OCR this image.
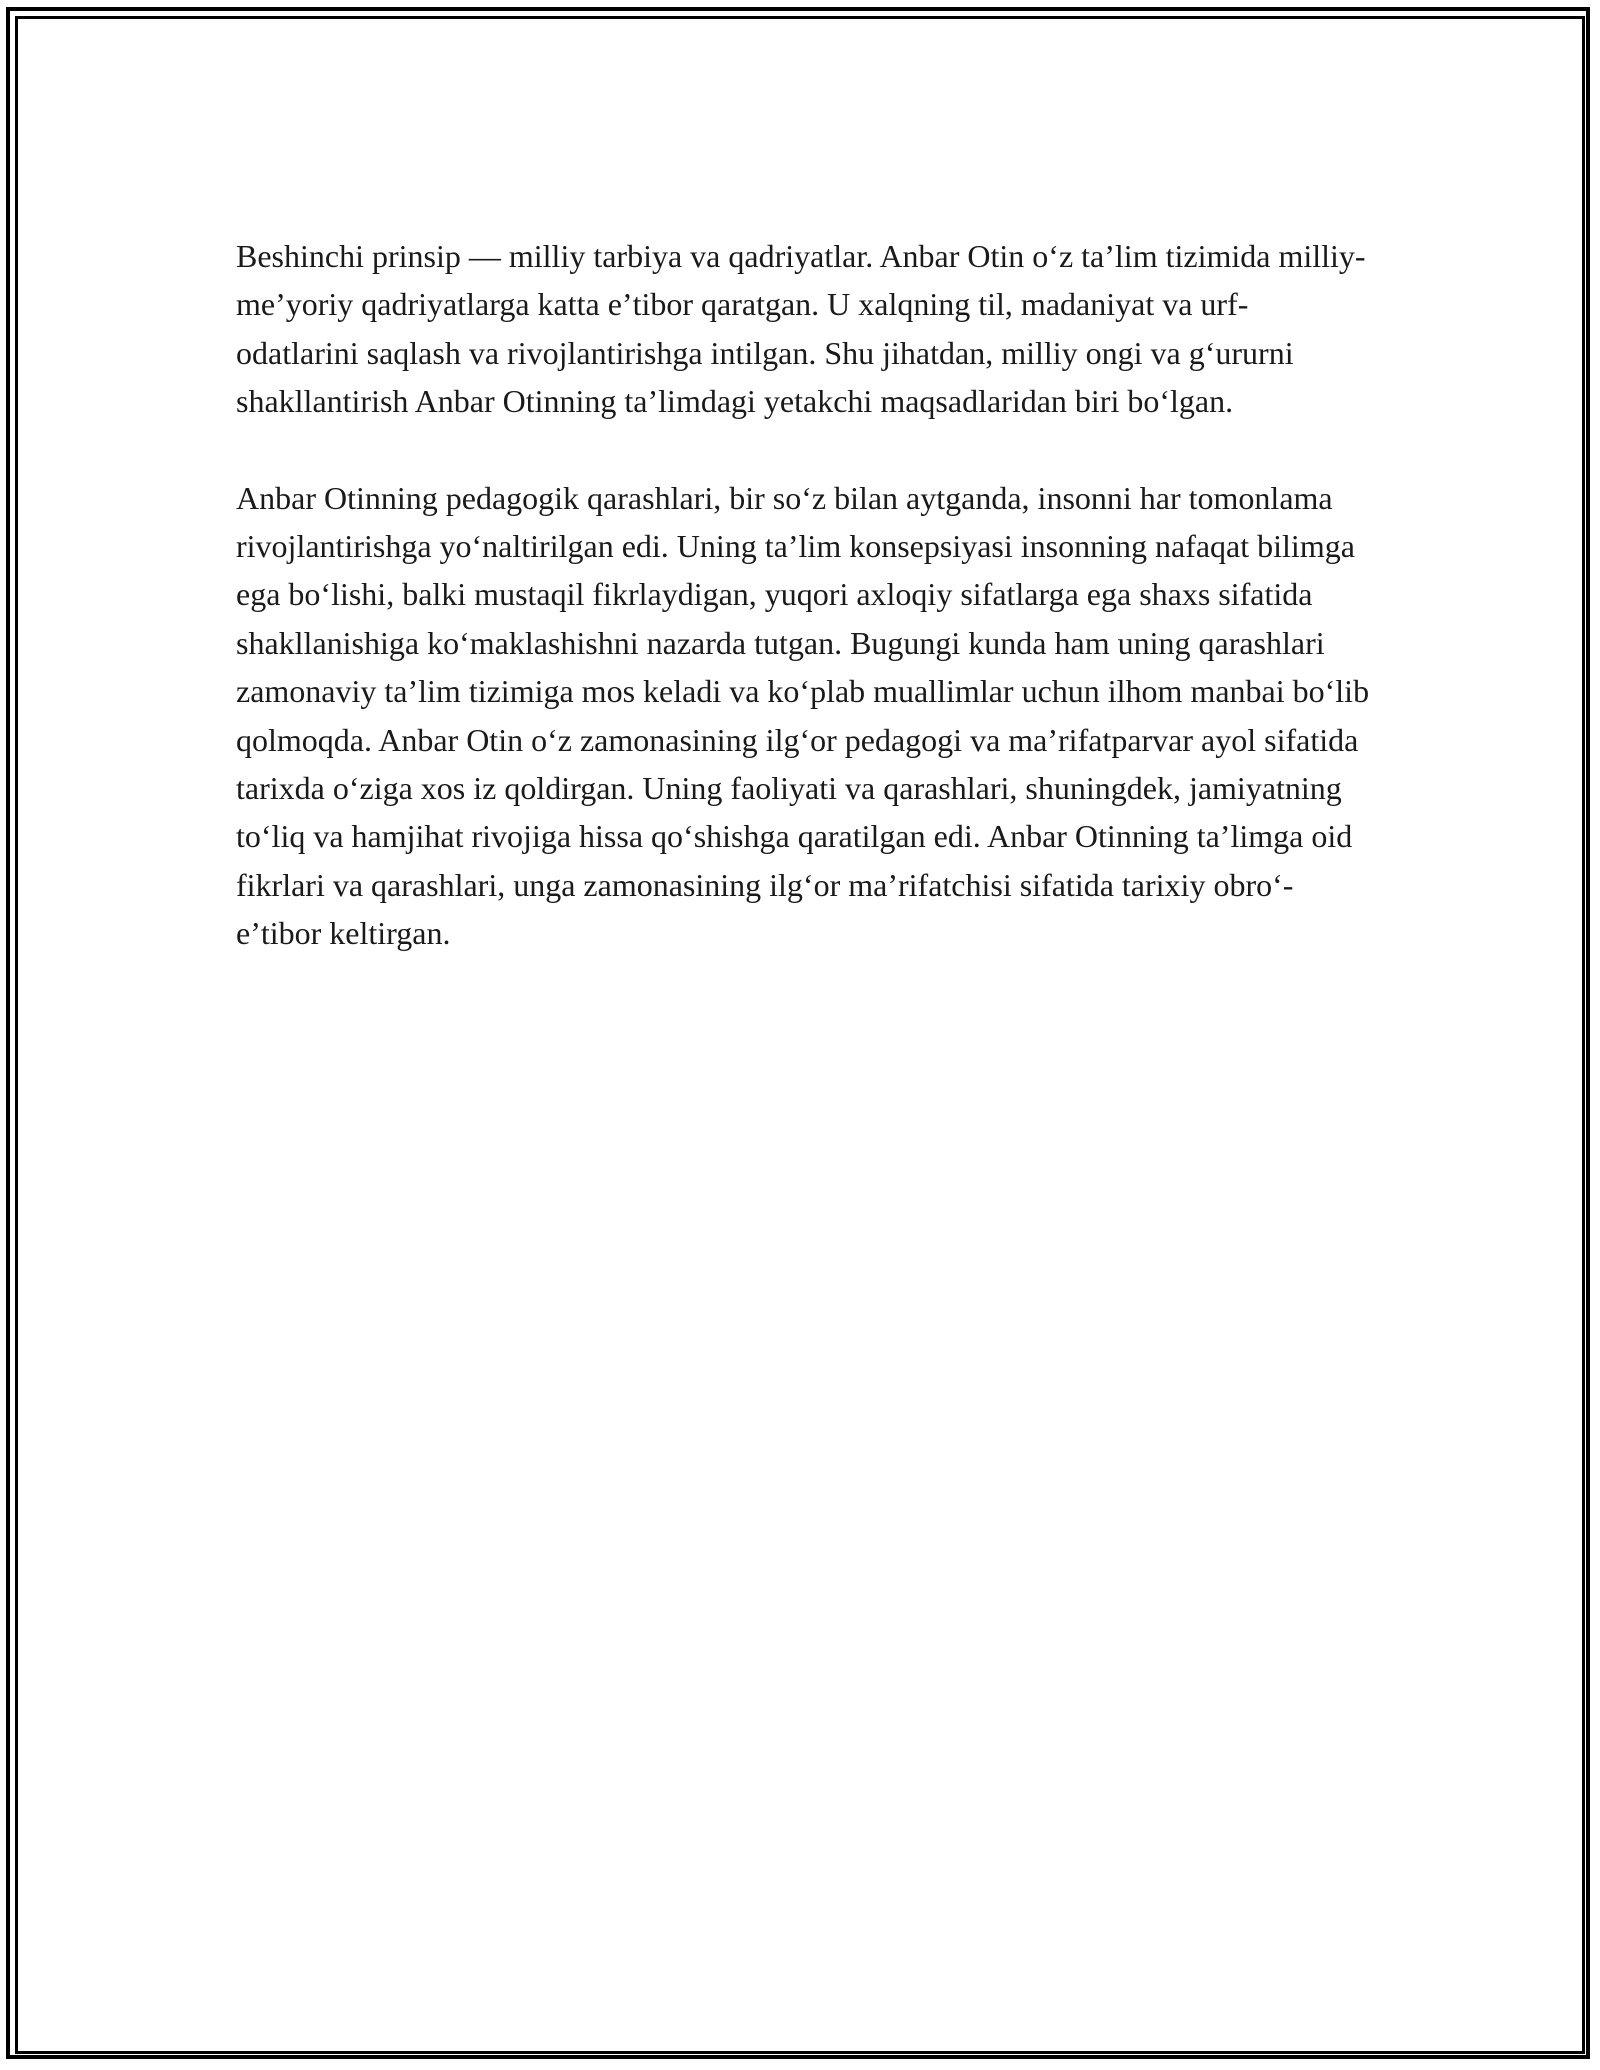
Beshinchi prinsip — milliy tarbiya va qadriyatlar. Anbar Otin oʻz taʼlim tizimida milliy-meʼyoriy qadriyatlarga katta eʼtibor qaratgan. U xalqning til, madaniyat va urf-odatlarini saqlash va rivojlantirishga intilgan. Shu jihatdan, milliy ongi va gʻururni shakllantirish Anbar Otinning taʼlimdagi yetakchi maqsadlaridan biri boʻlgan.

Anbar Otinning pedagogik qarashlari, bir soʻz bilan aytganda, insonni har tomonlama rivojlantirishga yoʻnaltirilgan edi. Uning taʼlim konsepsiyasi insonning nafaqat bilimga ega boʻlishi, balki mustaqil fikrlaydigan, yuqori axloqiy sifatlarga ega shaxs sifatida shakllanishiga koʻmaklashishni nazarda tutgan. Bugungi kunda ham uning qarashlari zamonaviy taʼlim tizimiga mos keladi va koʻplab muallimlar uchun ilhom manbai boʻlib qolmoqda. Anbar Otin oʻz zamonasining ilgʻor pedagogi va maʼrifatparvar ayol sifatida tarixda oʻziga xos iz qoldirgan. Uning faoliyati va qarashlari, shuningdek, jamiyatning toʻliq va hamjihat rivojiga hissa qoʻshishga qaratilgan edi. Anbar Otinning taʼlimga oid fikrlari va qarashlari, unga zamonasining ilgʻor maʼrifatchisi sifatida tarixiy obroʻ-eʼtibor keltirgan.
